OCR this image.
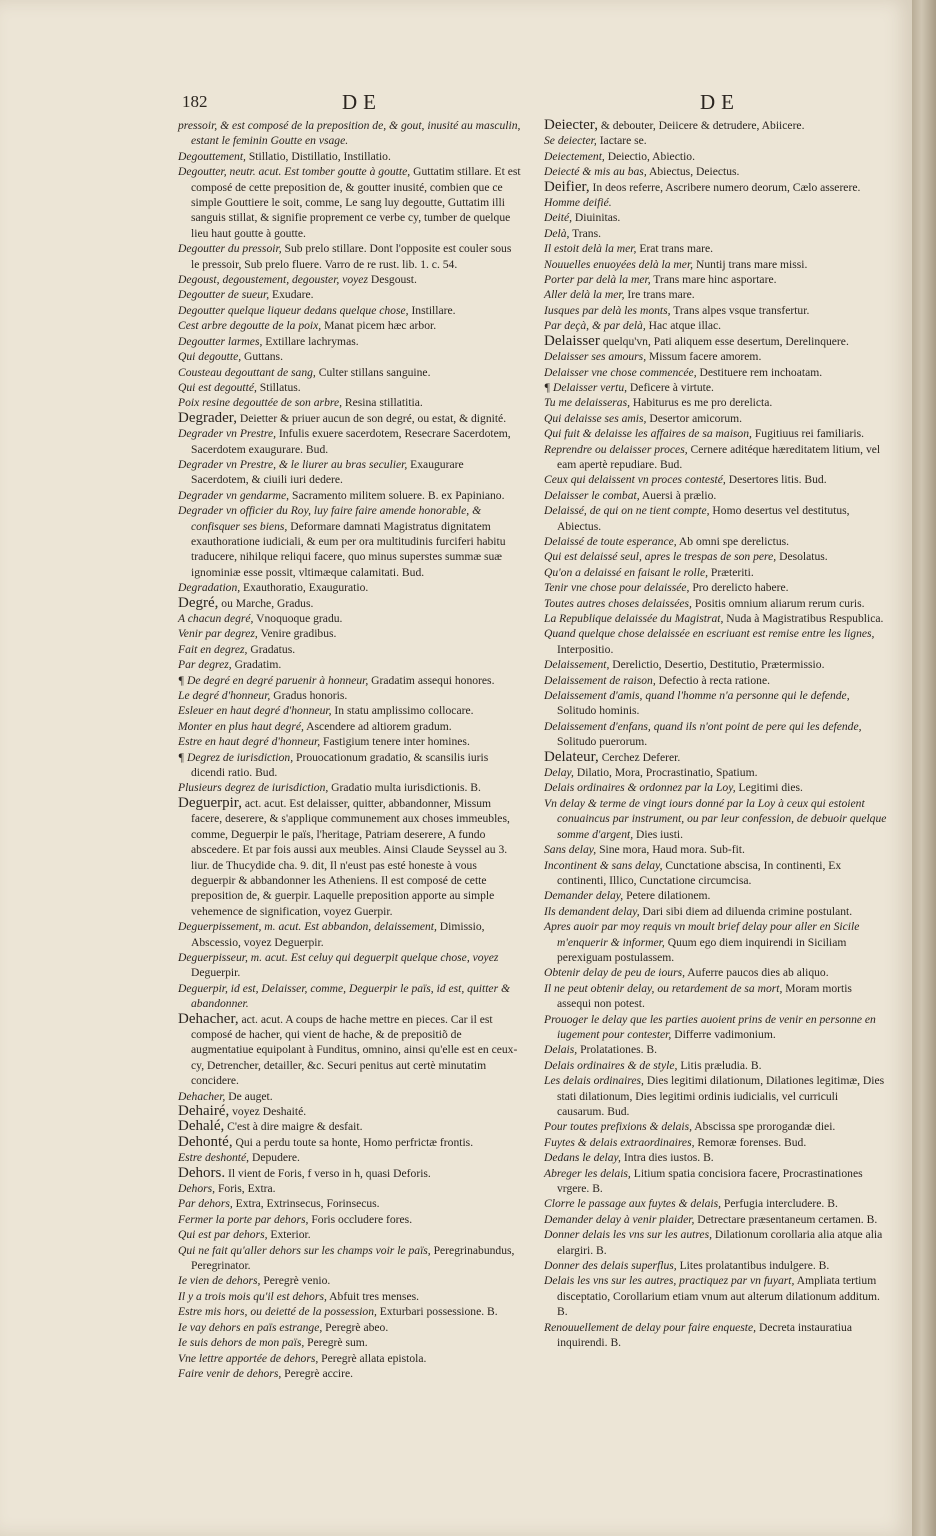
182	DE	DE

pressoir, & est composé de la preposition de, & gout, inusité au masculin, estant le feminin Goutte en vsage.

Degouttement, Stillatio, Distillatio, Instillatio.

Degoutter, neutr. acut. Est tomber goutte à goutte, Guttatim stillare. Et est composé de cette preposition de, & goutter inusité, combien que ce simple Gouttiere le soit, comme, Le sang luy degoutte, Guttatim illi sanguis stillat, & signifie proprement ce verbe cy, tumber de quelque lieu haut goutte à goutte.

Degoutter du pressoir, Sub prelo stillare. Dont l'opposite est couler sous le pressoir, Sub prelo fluere. Varro de re rust. lib. 1. c. 54.

Degoust, degoustement, degouster, voyez Desgoust.

Degoutter de sueur, Exudare.

Degoutter quelque liqueur dedans quelque chose, Instillare.

Cest arbre degoutte de la poix, Manat picem hæc arbor.

Degoutter larmes, Extillare lachrymas.

Qui degoutte, Guttans.

Cousteau degouttant de sang, Culter stillans sanguine.

Qui est degoutté, Stillatus.

Poix resine degouttée de son arbre, Resina stillatitia.

Degrader, Deietter & priuer aucun de son degré, ou estat, & dignité.

Degrader vn Prestre, Infulis exuere sacerdotem, Resecrare Sacerdotem, Sacerdotem exaugurare. Bud.

Degrader vn Prestre, & le liurer au bras seculier, Exaugurare Sacerdotem, & ciuili iuri dedere.

Degrader vn gendarme, Sacramento militem soluere. B. ex Papiniano.

Degrader vn officier du Roy, luy faire faire amende honorable, & confisquer ses biens, Deformare damnati Magistratus dignitatem exauthoratione iudiciali, & eum per ora multitudinis furciferi habitu traducere, nihilque reliqui facere, quo minus superstes summæ suæ ignominiæ esse possit, vltimæque calamitati. Bud.

Degradation, Exauthoratio, Exauguratio.

Degré, ou Marche, Gradus.

A chacun degré, Vnoquoque gradu.

Venir par degrez, Venire gradibus.

Fait en degrez, Gradatus.

Par degrez, Gradatim.

¶ De degré en degré paruenir à honneur, Gradatim assequi honores.

Le degré d'honneur, Gradus honoris.

Esleuer en haut degré d'honneur, In statu amplissimo collocare.

Monter en plus haut degré, Ascendere ad altiorem gradum.

Estre en haut degré d'honneur, Fastigium tenere inter homines.

¶ Degrez de iurisdiction, Prouocationum gradatio, & scansilis iuris dicendi ratio. Bud.

Plusieurs degrez de iurisdiction, Gradatio multa iurisdictionis. B.

Deguerpir, act. acut. Est delaisser, quitter, abbandonner, Missum facere, deserere, & s'applique communement aux choses immeubles, comme, Deguerpir le païs, l'heritage, Patriam deserere, A fundo abscedere. Et par fois aussi aux meubles. Ainsi Claude Seyssel au 3. liur. de Thucydide cha. 9. dit, Il n'eust pas esté honeste à vous deguerpir & abbandonner les Atheniens. Il est composé de cette preposition de, & guerpir. Laquelle preposition apporte au simple vehemence de signification, voyez Guerpir.

Deguerpissement, m. acut. Est abbandon, delaissement, Dimissio, Abscessio, voyez Deguerpir.

Deguerpisseur, m. acut. Est celuy qui deguerpit quelque chose, voyez Deguerpir.

Deguerpir, id est, Delaisser, comme, Deguerpir le païs, id est, quitter & abandonner.

Dehacher, act. acut. A coups de hache mettre en pieces. Car il est composé de hacher, qui vient de hache, & de prepositiõ de augmentatiue equipolant à Funditus, omnino, ainsi qu'elle est en ceux-cy, Detrencher, detailler, &c. Securi penitus aut certè minutatim concidere.

Dehacher, De auget.

Dehairé, voyez Deshaité.

Dehalé, C'est à dire maigre & desfait.

Dehonté, Qui a perdu toute sa honte, Homo perfrictæ frontis.

Estre deshonté, Depudere.

Dehors. Il vient de Foris, f verso in h, quasi Deforis.

Dehors, Foris, Extra.

Par dehors, Extra, Extrinsecus, Forinsecus.

Fermer la porte par dehors, Foris occludere fores.

Qui est par dehors, Exterior.

Qui ne fait qu'aller dehors sur les champs voir le païs, Peregrinabundus, Peregrinator.

Ie vien de dehors, Peregrè venio.

Il y a trois mois qu'il est dehors, Abfuit tres menses.

Estre mis hors, ou deietté de la possession, Exturbari possessione. B.

Ie vay dehors en païs estrange, Peregrè abeo.

Ie suis dehors de mon païs, Peregrè sum.

Vne lettre apportée de dehors, Peregrè allata epistola.

Faire venir de dehors, Peregrè accire.

Deiecter, & debouter, Deiicere & detrudere, Abiicere.

Se deiecter, Iactare se.

Deiectement, Deiectio, Abiectio.

Deiecté & mis au bas, Abiectus, Deiectus.

Deifier, In deos referre, Ascribere numero deorum, Cælo asserere.

Homme deifié.

Deité, Diuinitas.

Delà, Trans.

Il estoit delà la mer, Erat trans mare.

Nouuelles enuoyées delà la mer, Nuntij trans mare missi.

Porter par delà la mer, Trans mare hinc asportare.

Aller delà la mer, Ire trans mare.

Iusques par delà les monts, Trans alpes vsque transfertur.

Par deçà, & par delà, Hac atque illac.

Delaisser quelqu'vn, Pati aliquem esse desertum, Derelinquere.

Delaisser ses amours, Missum facere amorem.

Delaisser vne chose commencée, Destituere rem inchoatam.

¶ Delaisser vertu, Deficere à virtute.

Tu me delaisseras, Habiturus es me pro derelicta.

Qui delaisse ses amis, Desertor amicorum.

Qui fuit & delaisse les affaires de sa maison, Fugitiuus rei familiaris.

Reprendre ou delaisser proces, Cernere aditéque hæreditatem litium, vel eam apertè repudiare. Bud.

Ceux qui delaissent vn proces contesté, Desertores litis. Bud.

Delaisser le combat, Auersi à prælio.

Delaissé, de qui on ne tient compte, Homo desertus vel destitutus, Abiectus.

Delaissé de toute esperance, Ab omni spe derelictus.

Qui est delaissé seul, apres le trespas de son pere, Desolatus.

Qu'on a delaissé en faisant le rolle, Præteriti.

Tenir vne chose pour delaissée, Pro derelicto habere.

Toutes autres choses delaissées, Positis omnium aliarum rerum curis.

La Republique delaissée du Magistrat, Nuda à Magistratibus Respublica.

Quand quelque chose delaissée en escriuant est remise entre les lignes, Interpositio.

Delaissement, Derelictio, Desertio, Destitutio, Prætermissio.

Delaissement de raison, Defectio à recta ratione.

Delaissement d'amis, quand l'homme n'a personne qui le defende, Solitudo hominis.

Delaissement d'enfans, quand ils n'ont point de pere qui les defende, Solitudo puerorum.

Delateur, Cerchez Deferer.

Delay, Dilatio, Mora, Procrastinatio, Spatium.

Delais ordinaires & ordonnez par la Loy, Legitimi dies.

Vn delay & terme de vingt iours donné par la Loy à ceux qui estoient conuaincus par instrument, ou par leur confession, de debuoir quelque somme d'argent, Dies iusti.

Sans delay, Sine mora, Haud mora. Sub-fit.

Incontinent & sans delay, Cunctatione abscisa, In continenti, Ex continenti, Illico, Cunctatione circumcisa.

Demander delay, Petere dilationem.

Ils demandent delay, Dari sibi diem ad diluenda crimine postulant.

Apres auoir par moy requis vn moult brief delay pour aller en Sicile m'enquerir & informer, Quum ego diem inquirendi in Siciliam perexiguam postulassem.

Obtenir delay de peu de iours, Auferre paucos dies ab aliquo.

Il ne peut obtenir delay, ou retardement de sa mort, Moram mortis assequi non potest.

Prouoger le delay que les parties auoient prins de venir en personne en iugement pour contester, Differre vadimonium.

Delais, Prolatationes. B.

Delais ordinaires & de style, Litis præludia. B.

Les delais ordinaires, Dies legitimi dilationum, Dilationes legitimæ, Dies stati dilationum, Dies legitimi ordinis iudicialis, vel curriculi causarum. Bud.

Pour toutes prefixions & delais, Abscissa spe prorogandæ diei.

Fuytes & delais extraordinaires, Remoræ forenses. Bud.

Dedans le delay, Intra dies iustos. B.

Abreger les delais, Litium spatia concisiora facere, Procrastinationes vrgere. B.

Clorre le passage aux fuytes & delais, Perfugia intercludere. B.

Demander delay à venir plaider, Detrectare præsentaneum certamen. B.

Donner delais les vns sur les autres, Dilationum corollaria alia atque alia elargiri. B.

Donner des delais superflus, Lites prolatantibus indulgere. B.

Delais les vns sur les autres, practiquez par vn fuyart, Ampliata tertium disceptatio, Corollarium etiam vnum aut alterum dilationum additum. B.

Renouuellement de delay pour faire enqueste, Decreta instauratiua inquirendi. B.
